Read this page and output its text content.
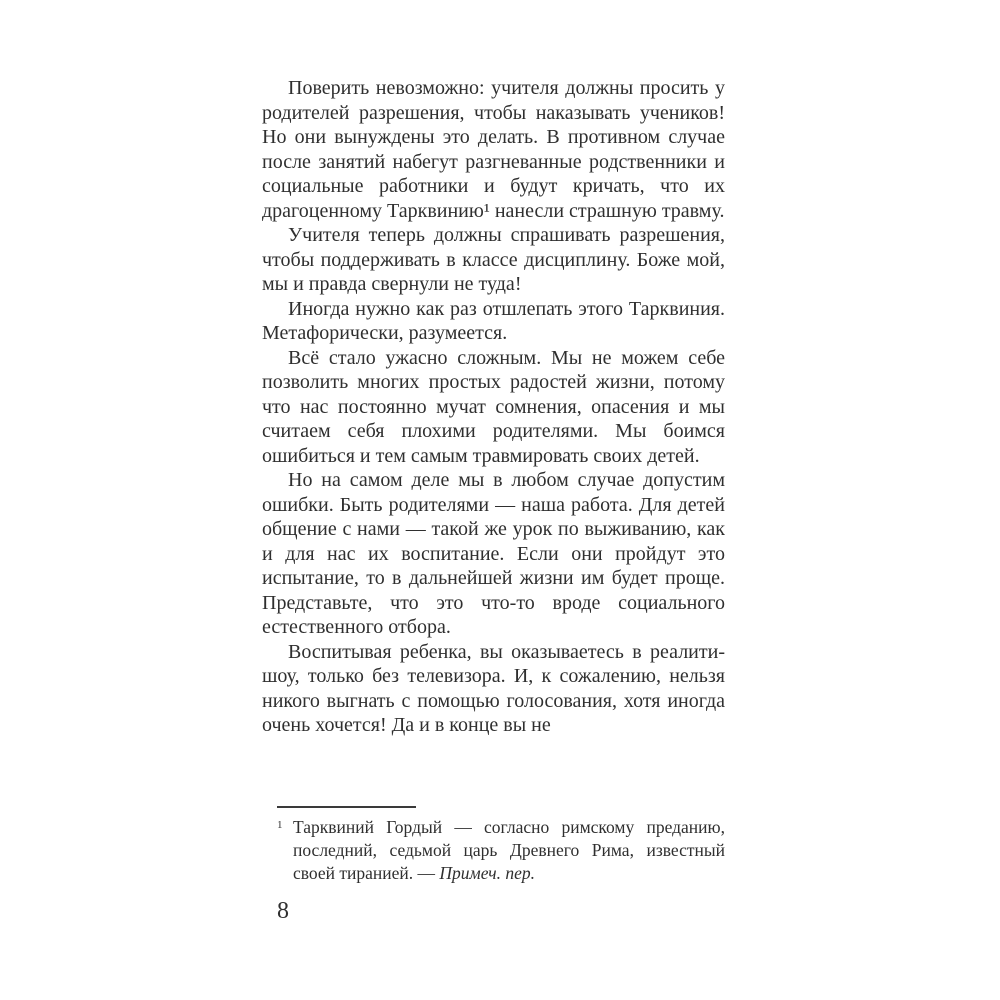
Поверить невозможно: учителя должны просить у родителей разрешения, чтобы наказывать учеников! Но они вынуждены это делать. В противном случае после занятий набегут разгневанные родственники и социальные работники и будут кричать, что их драгоценному Тарквинию¹ нанесли страшную травму.

Учителя теперь должны спрашивать разрешения, чтобы поддерживать в классе дисциплину. Боже мой, мы и правда свернули не туда!

Иногда нужно как раз отшлепать этого Тарквиния. Метафорически, разумеется.

Всё стало ужасно сложным. Мы не можем себе позволить многих простых радостей жизни, потому что нас постоянно мучат сомнения, опасения и мы считаем себя плохими родителями. Мы боимся ошибиться и тем самым травмировать своих детей.

Но на самом деле мы в любом случае допустим ошибки. Быть родителями — наша работа. Для детей общение с нами — такой же урок по выживанию, как и для нас их воспитание. Если они пройдут это испытание, то в дальнейшей жизни им будет проще. Представьте, что это что-то вроде социального естественного отбора.

Воспитывая ребенка, вы оказываетесь в реалити-шоу, только без телевизора. И, к сожалению, нельзя никого выгнать с помощью голосования, хотя иногда очень хочется! Да и в конце вы не

1 Тарквиний Гордый — согласно римскому преданию, последний, седьмой царь Древнего Рима, известный своей тиранией. — Примеч. пер.
8
